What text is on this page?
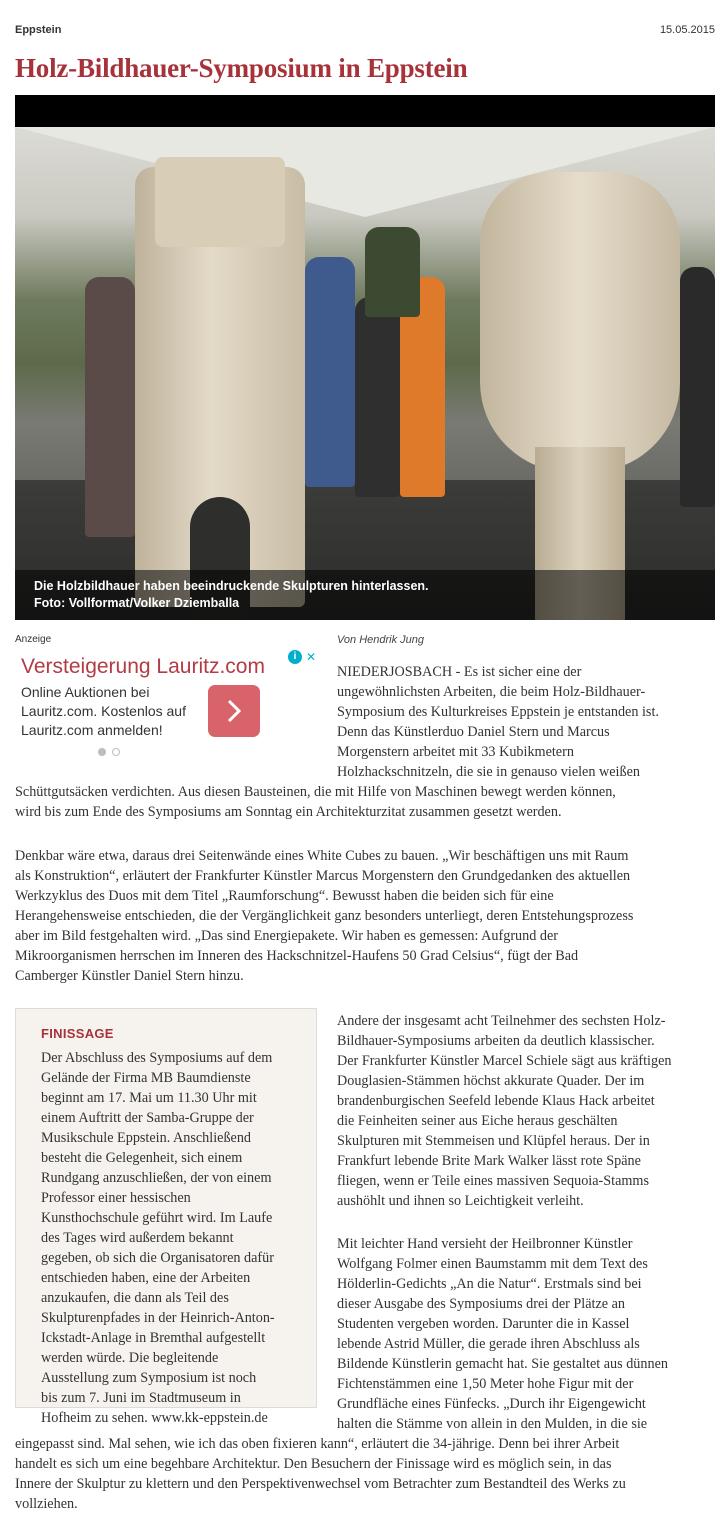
Eppstein	15.05.2015
Holz-Bildhauer-Symposium in Eppstein
Die Holzbildhauer haben beeindruckende Skulpturen hinterlassen.
Foto: Vollformat/Volker Dziemballa
Anzeige
i ✕
Versteigerung Lauritz.com
Online Auktionen bei
Lauritz.com. Kostenlos auf
Lauritz.com anmelden!
Von Hendrik Jung
NIEDERJOSBACH - Es ist sicher eine der
ungewöhnlichsten Arbeiten, die beim Holz-Bildhauer-
Symposium des Kulturkreises Eppstein je entstanden ist.
Denn das Künstlerduo Daniel Stern und Marcus
Morgenstern arbeitet mit 33 Kubikmetern
Holzhackschnitzeln, die sie in genauso vielen weißen
Schüttgutsäcken verdichten. Aus diesen Bausteinen, die mit Hilfe von Maschinen bewegt werden können,
wird bis zum Ende des Symposiums am Sonntag ein Architekturzitat zusammen gesetzt werden.
Denkbar wäre etwa, daraus drei Seitenwände eines White Cubes zu bauen. „Wir beschäftigen uns mit Raum
als Konstruktion“, erläutert der Frankfurter Künstler Marcus Morgenstern den Grundgedanken des aktuellen
Werkzyklus des Duos mit dem Titel „Raumforschung“. Bewusst haben die beiden sich für eine
Herangehensweise entschieden, die der Vergänglichkeit ganz besonders unterliegt, deren Entstehungsprozess
aber im Bild festgehalten wird. „Das sind Energiepakete. Wir haben es gemessen: Aufgrund der
Mikroorganismen herrschen im Inneren des Hackschnitzel-Haufens 50 Grad Celsius“, fügt der Bad
Camberger Künstler Daniel Stern hinzu.
FINISSAGE
Der Abschluss des Symposiums auf dem
Gelände der Firma MB Baumdienste
beginnt am 17. Mai um 11.30 Uhr mit
einem Auftritt der Samba-Gruppe der
Musikschule Eppstein. Anschließend
besteht die Gelegenheit, sich einem
Rundgang anzuschließen, der von einem
Professor einer hessischen
Kunsthochschule geführt wird. Im Laufe
des Tages wird außerdem bekannt
gegeben, ob sich die Organisatoren dafür
entschieden haben, eine der Arbeiten
anzukaufen, die dann als Teil des
Skulpturenpfades in der Heinrich-Anton-
Ickstadt-Anlage in Bremthal aufgestellt
werden würde. Die begleitende
Ausstellung zum Symposium ist noch
bis zum 7. Juni im Stadtmuseum in
Hofheim zu sehen. www.kk-eppstein.de
Andere der insgesamt acht Teilnehmer des sechsten Holz-
Bildhauer-Symposiums arbeiten da deutlich klassischer.
Der Frankfurter Künstler Marcel Schiele sägt aus kräftigen
Douglasien-Stämmen höchst akkurate Quader. Der im
brandenburgischen Seefeld lebende Klaus Hack arbeitet
die Feinheiten seiner aus Eiche heraus geschälten
Skulpturen mit Stemmeisen und Klüpfel heraus. Der in
Frankfurt lebende Brite Mark Walker lässt rote Späne
fliegen, wenn er Teile eines massiven Sequoia-Stamms
aushöhlt und ihnen so Leichtigkeit verleiht.
Mit leichter Hand versieht der Heilbronner Künstler
Wolfgang Folmer einen Baumstamm mit dem Text des
Hölderlin-Gedichts „An die Natur“. Erstmals sind bei
dieser Ausgabe des Symposiums drei der Plätze an
Studenten vergeben worden. Darunter die in Kassel
lebende Astrid Müller, die gerade ihren Abschluss als
Bildende Künstlerin gemacht hat. Sie gestaltet aus dünnen
Fichtenstämmen eine 1,50 Meter hohe Figur mit der
Grundfläche eines Fünfecks. „Durch ihr Eigengewicht
halten die Stämme von allein in den Mulden, in die sie
eingepasst sind. Mal sehen, wie ich das oben fixieren kann“, erläutert die 34-jährige. Denn bei ihrer Arbeit
handelt es sich um eine begehbare Architektur. Den Besuchern der Finissage wird es möglich sein, in das
Innere der Skulptur zu klettern und den Perspektivenwechsel vom Betrachter zum Bestandteil des Werks zu
vollziehen.
